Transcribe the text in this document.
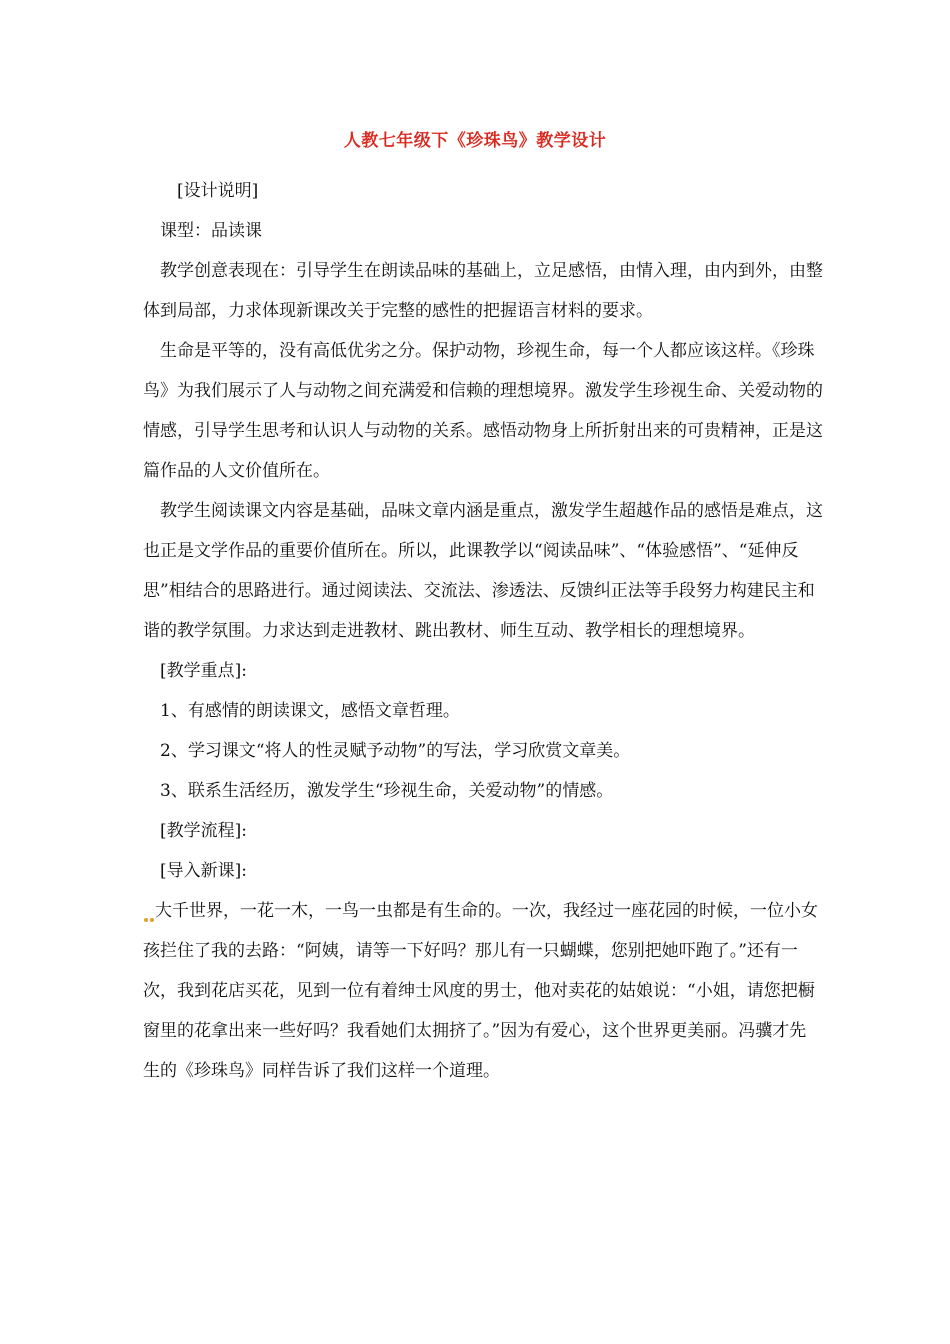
人教七年级下《珍珠鸟》教学设计

[设计说明]

课型：品读课

教学创意表现在：引导学生在朗读品味的基础上，立足感悟，由情入理，由内到外，由整体到局部，力求体现新课改关于完整的感性的把握语言材料的要求。

生命是平等的，没有高低优劣之分。保护动物，珍视生命，每一个人都应该这样。《珍珠鸟》为我们展示了人与动物之间充满爱和信赖的理想境界。激发学生珍视生命、关爱动物的情感，引导学生思考和认识人与动物的关系。感悟动物身上所折射出来的可贵精神，正是这篇作品的人文价值所在。

教学生阅读课文内容是基础，品味文章内涵是重点，激发学生超越作品的感悟是难点，这也正是文学作品的重要价值所在。所以，此课教学以“阅读品味”、“体验感悟”、“延伸反思”相结合的思路进行。通过阅读法、交流法、渗透法、反馈纠正法等手段努力构建民主和谐的教学氛围。力求达到走进教材、跳出教材、师生互动、教学相长的理想境界。

[教学重点]:

1、有感情的朗读课文，感悟文章哲理。

2、学习课文“将人的性灵赋予动物”的写法，学习欣赏文章美。

3、联系生活经历，激发学生“珍视生命，关爱动物”的情感。

[教学流程]:

[导入新课]:

大千世界，一花一木，一鸟一虫都是有生命的。一次，我经过一座花园的时候，一位小女孩拦住了我的去路：“阿姨，请等一下好吗？那儿有一只蝴蝶，您别把她吓跑了。”还有一次，我到花店买花，见到一位有着绅士风度的男士，他对卖花的姑娘说：“小姐，请您把橱窗里的花拿出来一些好吗？我看她们太拥挤了。”因为有爱心，这个世界更美丽。冯骥才先生的《珍珠鸟》同样告诉了我们这样一个道理。
